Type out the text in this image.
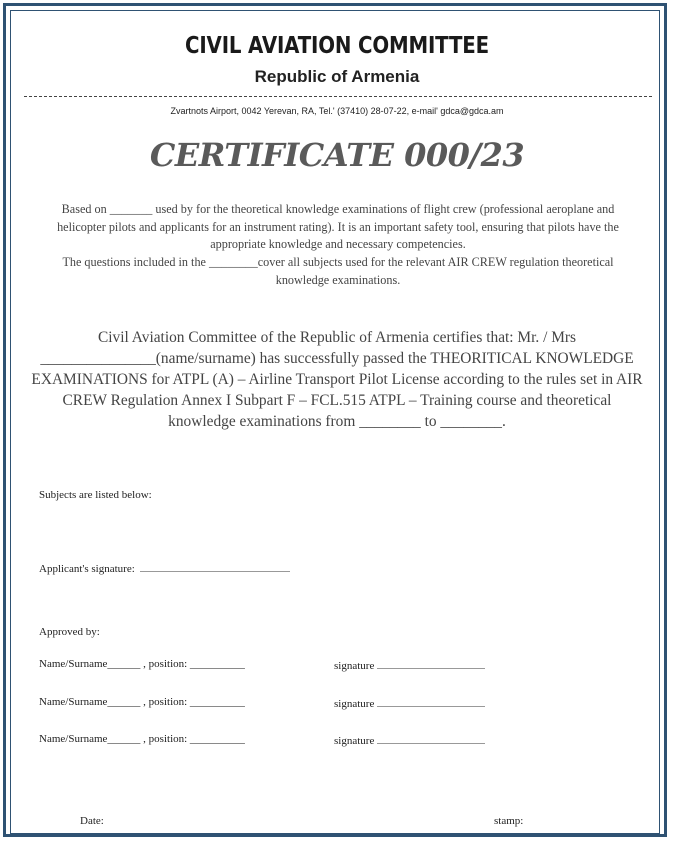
CIVIL AVIATION COMMITTEE
Republic of Armenia
Zvartnots Airport, 0042 Yerevan, RA, Tel.' (37410) 28-07-22, e-mail' gdca@gdca.am
CERTIFICATE 000/23

Based on _______ used by for the theoretical knowledge examinations of flight crew (professional aeroplane and helicopter pilots and applicants for an instrument rating). It is an important safety tool, ensuring that pilots have the appropriate knowledge and necessary competencies.

The questions included in the ________cover all subjects used for the relevant AIR CREW regulation theoretical knowledge examinations.

Civil Aviation Committee of the Republic of Armenia certifies that: Mr. / Mrs _______________(name/surname) has successfully passed the THEORITICAL KNOWLEDGE EXAMINATIONS for ATPL (A) – Airline Transport Pilot License according to the rules set in AIR CREW Regulation Annex I Subpart F – FCL.515 ATPL – Training course and theoretical knowledge examinations from ________ to ________.

Subjects are listed below:

Applicant's signature:

Approved by:

Name/Surname______ , position: __________	signature

Name/Surname______ , position: __________	signature

Name/Surname______ , position: __________	signature

Date:	stamp:
